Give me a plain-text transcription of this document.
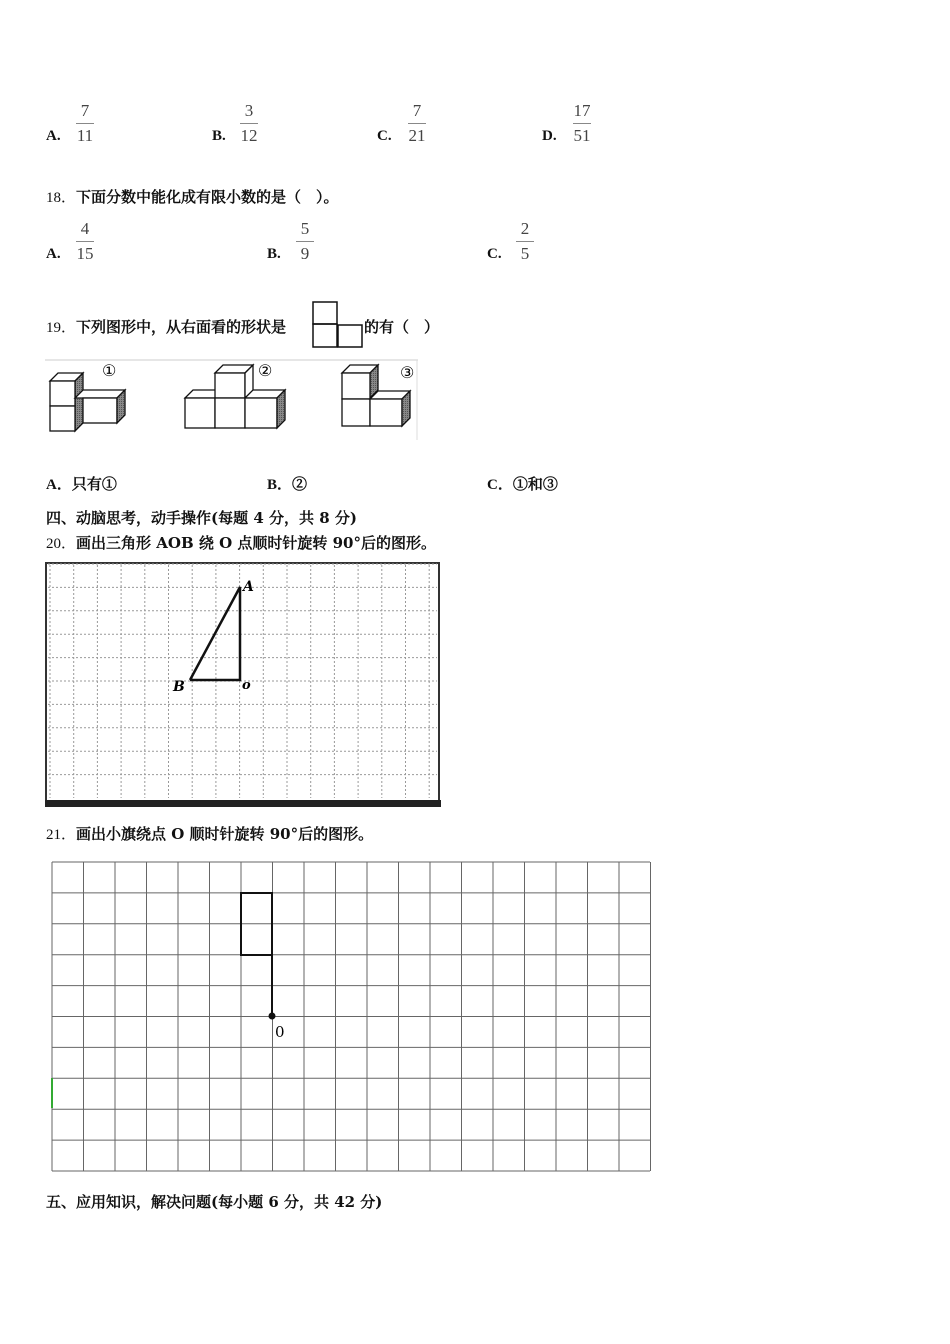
A.
7
11	B.
3
12	C.
7
21	D.
17
51
18．下面分数中能化成有限小数的是（　）。
A.
4
15	B.
5
9	C.
2
5
19．下列图形中，从右面看的形状是	的有（　）
①	②	③
A．只有①	B．②	C．①和③
四、动脑思考，动手操作(每题 4 分，共 8 分)
20．画出三角形 AOB 绕 O 点顺时针旋转 90°后的图形。
A
B	o
21．画出小旗绕点 O 顺时针旋转 90°后的图形。
0
五、应用知识，解决问题(每小题 6 分，共 42 分)
